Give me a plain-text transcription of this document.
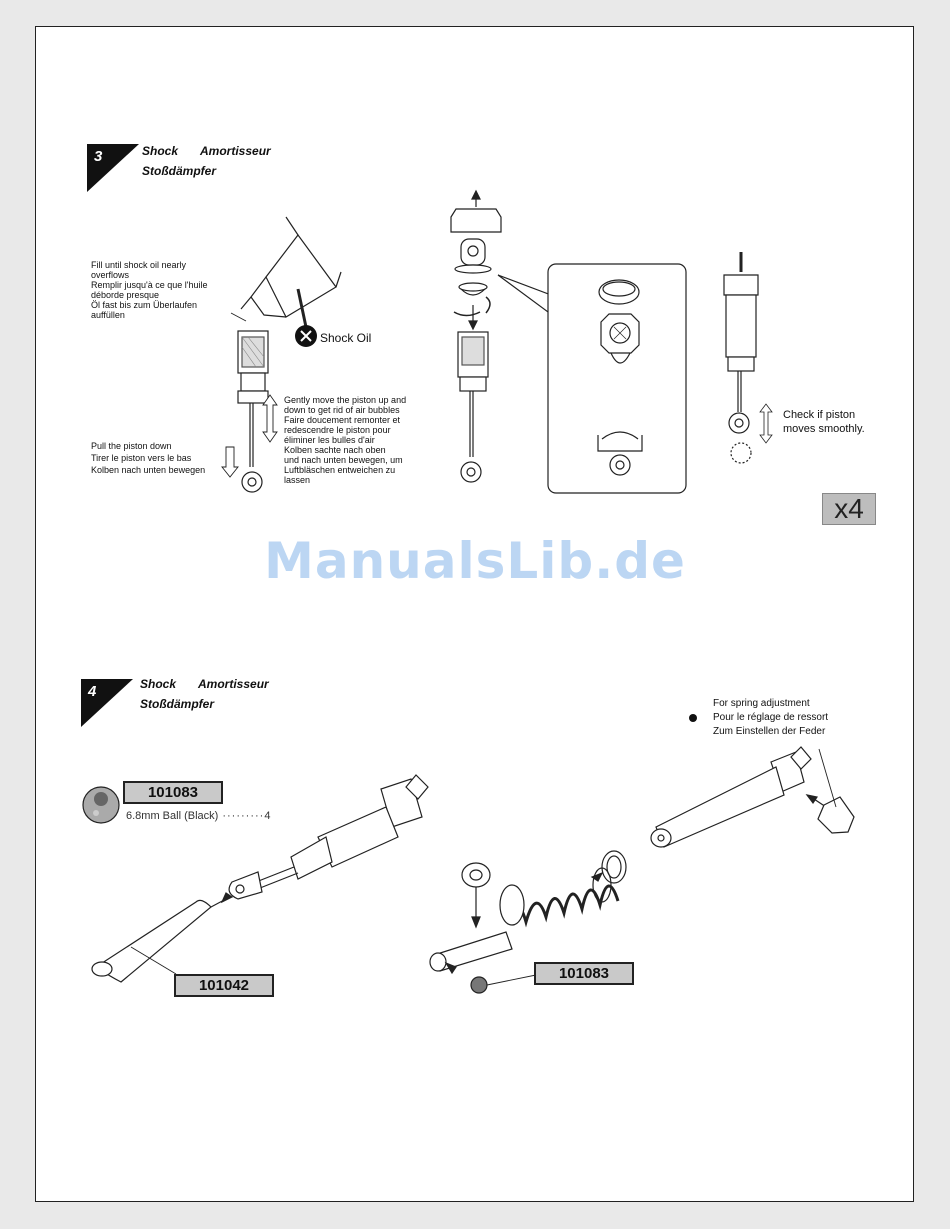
3	Shock Amortisseur
Stoßdämpfer
Fill until shock oil nearly
overflows
Remplir jusqu'à ce que l'huile
déborde presque
Öl fast bis zum Überlaufen
auffüllen
Shock Oil
Pull the piston down
Tirer le piston vers le bas
Kolben nach unten bewegen
Gently move the piston up and
down to get rid of air bubbles
Faire doucement remonter et
redescendre le piston pour
éliminer les bulles d'air
Kolben sachte nach oben
und nach unten bewegen, um
Luftbläschen entweichen zu
lassen
Check if piston
moves smoothly.
x4
4	Shock Amortisseur
Stoßdämpfer	For spring adjustment
Pour le réglage de ressort
Zum Einstellen der Feder
101083
6.8mm Ball (Black) ·········4
101042
101083
ManualsLib.de
